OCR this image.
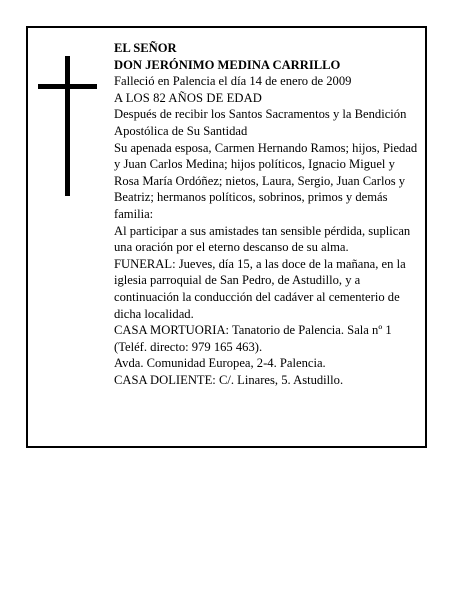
EL SEÑOR

DON JERÓNIMO MEDINA CARRILLO

Falleció en Palencia el día 14 de enero de 2009

A LOS 82 AÑOS DE EDAD

Después de recibir los Santos Sacramentos y la Bendición Apostólica de Su Santidad

Su apenada esposa, Carmen Hernando Ramos; hijos, Piedad y Juan Carlos Medina; hijos políticos, Ignacio Miguel y Rosa María Ordóñez; nietos, Laura, Sergio, Juan Carlos y Beatriz; hermanos políticos, sobrinos, primos y demás familia:

Al participar a sus amistades tan sensible pérdida, suplican una oración por el eterno descanso de su alma.

FUNERAL: Jueves, día 15, a las doce de la mañana, en la iglesia parroquial de San Pedro, de Astudillo, y a continuación la conducción del cadáver al cementerio de dicha localidad.

CASA MORTUORIA: Tanatorio de Palencia. Sala nº 1 (Teléf. directo: 979 165 463).

Avda. Comunidad Europea, 2-4. Palencia.

CASA DOLIENTE: C/. Linares, 5. Astudillo.
